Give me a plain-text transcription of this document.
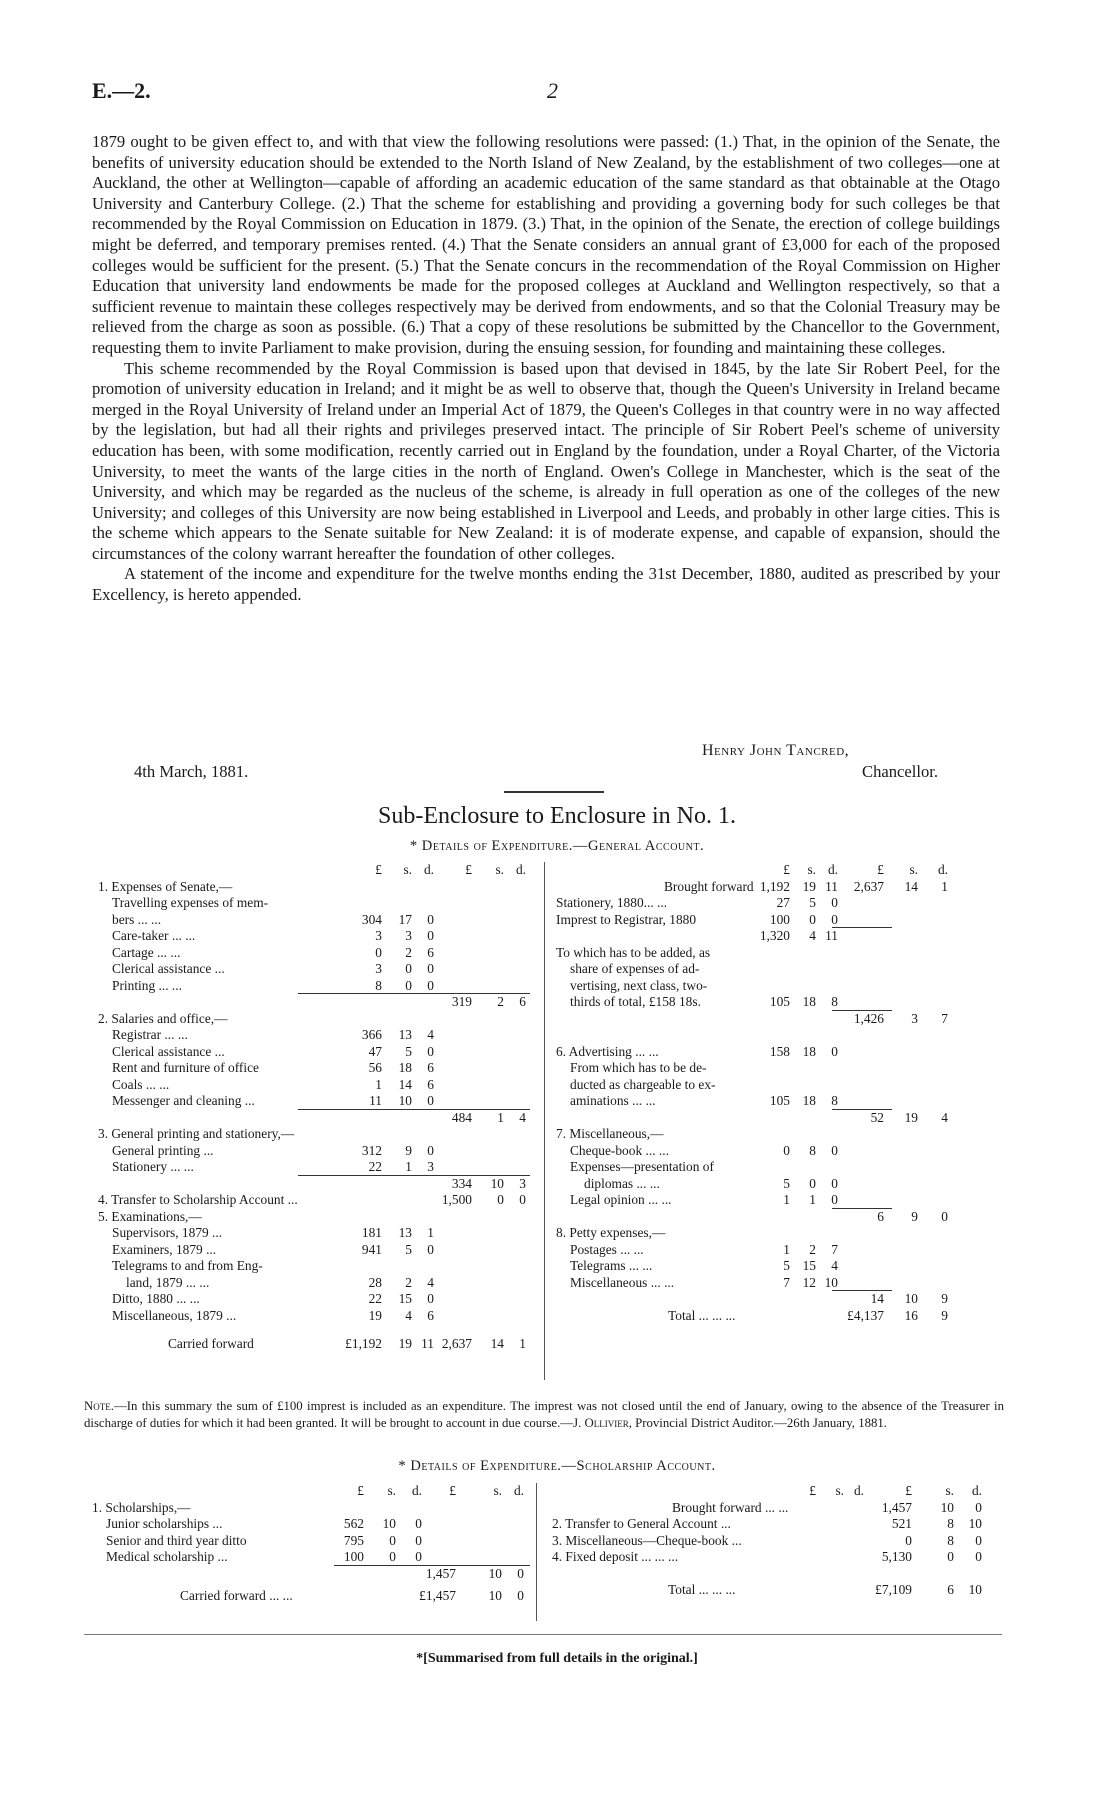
E.—2.	2

1879 ought to be given effect to, and with that view the following resolutions were passed: (1.) That, in the opinion of the Senate, the benefits of university education should be extended to the North Island of New Zealand, by the establishment of two colleges—one at Auckland, the other at Wellington—capable of affording an academic education of the same standard as that obtainable at the Otago University and Canterbury College. (2.) That the scheme for establishing and providing a governing body for such colleges be that recommended by the Royal Commission on Education in 1879. (3.) That, in the opinion of the Senate, the erection of college buildings might be deferred, and temporary premises rented. (4.) That the Senate considers an annual grant of £3,000 for each of the proposed colleges would be sufficient for the present. (5.) That the Senate concurs in the recommendation of the Royal Commission on Higher Education that university land endowments be made for the proposed colleges at Auckland and Wellington respectively, so that a sufficient revenue to maintain these colleges respectively may be derived from endowments, and so that the Colonial Treasury may be relieved from the charge as soon as possible. (6.) That a copy of these resolutions be submitted by the Chancellor to the Government, requesting them to invite Parliament to make provision, during the ensuing session, for founding and maintaining these colleges.

This scheme recommended by the Royal Commission is based upon that devised in 1845, by the late Sir Robert Peel, for the promotion of university education in Ireland; and it might be as well to observe that, though the Queen's University in Ireland became merged in the Royal University of Ireland under an Imperial Act of 1879, the Queen's Colleges in that country were in no way affected by the legislation, but had all their rights and privileges preserved intact. The principle of Sir Robert Peel's scheme of university education has been, with some modification, recently carried out in England by the foundation, under a Royal Charter, of the Victoria University, to meet the wants of the large cities in the north of England. Owen's College in Manchester, which is the seat of the University, and which may be regarded as the nucleus of the scheme, is already in full operation as one of the colleges of the new University; and colleges of this University are now being established in Liverpool and Leeds, and probably in other large cities. This is the scheme which appears to the Senate suitable for New Zealand: it is of moderate expense, and capable of expansion, should the circumstances of the colony warrant hereafter the foundation of other colleges.

A statement of the income and expenditure for the twelve months ending the 31st December, 1880, audited as prescribed by your Excellency, is hereto appended.

Henry John Tancred,
4th March, 1881.	Chancellor.
Sub-Enclosure to Enclosure in No. 1.
* Details of Expenditure.—General Account.
£ s. d. £ s. d.
1. Expenses of Senate,—
Travelling expenses of mem-
bers ... ...	304 17 0
Care-taker ... ...	3 3 0
Cartage ... ...	0 2 6
Clerical assistance ...	3 0 0
Printing ... ...	8 0 0
319 2 6
2. Salaries and office,—
Registrar ... ...	366 13 4
Clerical assistance ...	47 5 0
Rent and furniture of office	56 18 6
Coals ... ...	1 14 6
Messenger and cleaning ...	11 10 0
484 1 4
3. General printing and stationery,—
General printing ...	312 9 0
Stationery ... ...	22 1 3
334 10 3
4. Transfer to Scholarship Account ...	1,500 0 0
5. Examinations,—
Supervisors, 1879 ...	181 13 1
Examiners, 1879 ...	941 5 0
Telegrams to and from Eng-
land, 1879 ... ...	28 2 4
Ditto, 1880 ... ...	22 15 0
Miscellaneous, 1879 ...	19 4 6
Carried forward	£1,192 19 11 2,637 14 1
£ s. d.	£ s. d.
Brought forward 1,192 19 11 2,637 14 1
Stationery, 1880... ...	27 5 0
Imprest to Registrar, 1880	100 0 0
1,320 4 11
To which has to be added, as
share of expenses of ad-
vertising, next class, two-
thirds of total, £158 18s.	105 18 8
1,426 3 7
6. Advertising ... ...	158 18 0
From which has to be de-
ducted as chargeable to ex-
aminations ... ...	105 18 8
52 19 4
7. Miscellaneous,—
Cheque-book ... ...	0 8 0
Expenses—presentation of
diplomas ... ...	5 0 0
Legal opinion ... ...	1 1 0
6 9 0
8. Petty expenses,—
Postages ... ...	1 2 7
Telegrams ... ...	5 15 4
Miscellaneous ... ...	7 12 10
14 10 9
Total ... ... ...	£4,137 16 9
Note.—In this summary the sum of £100 imprest is included as an expenditure. The imprest was not closed until the end of January, owing to the absence of the Treasurer in discharge of duties for which it had been granted. It will be brought to account in due course.—J. Ollivier, Provincial District Auditor.—26th January, 1881.
* Details of Expenditure.—Scholarship Account.
£ s. d. £	s. d.
1. Scholarships,—
Junior scholarships ...	562 10 0
Senior and third year ditto	795 0 0
Medical scholarship ...	100 0 0
1,457 10 0
Carried forward ... ...	£1,457 10 0
£ s. d.	£ s. d.
Brought forward ... ...	1,457 10 0
2. Transfer to General Account ...	521	8 10
3. Miscellaneous—Cheque-book ...	0	8 0
4. Fixed deposit ... ... ...	5,130	0 0
Total ... ... ...	£7,109	6 10
*[Summarised from full details in the original.]
